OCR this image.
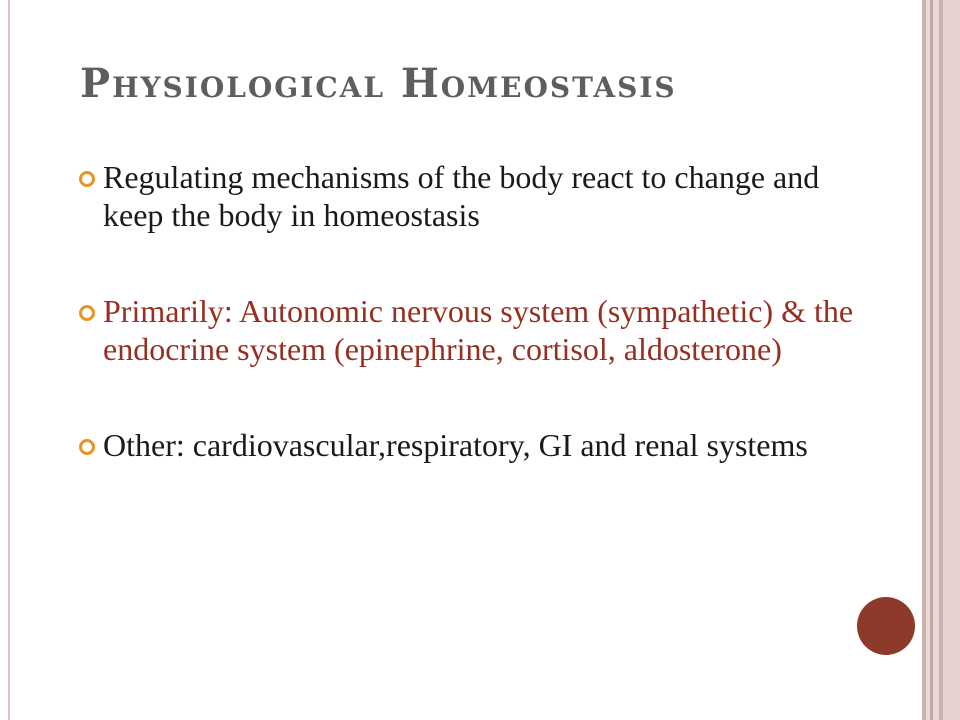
Physiological Homeostasis
Regulating mechanisms of the body react to change and keep the body in homeostasis
Primarily: Autonomic nervous system (sympathetic) & the endocrine system (epinephrine, cortisol, aldosterone)
Other: cardiovascular,respiratory, GI and renal systems
